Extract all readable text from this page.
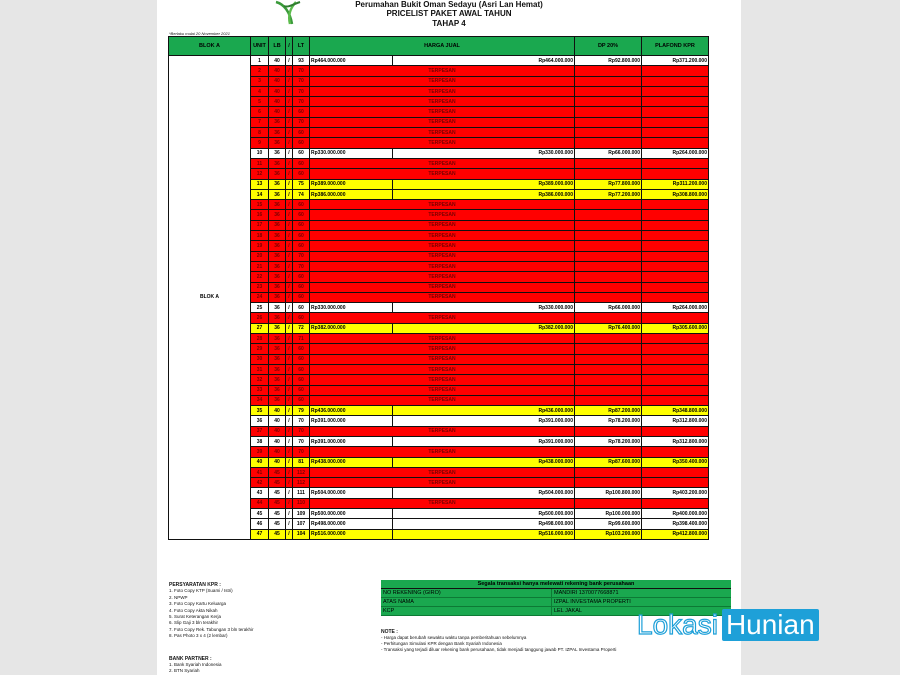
Perumahan Bukit Oman Sedayu (Asri Lan Hemat)
PRICELIST PAKET AWAL TAHUN
TAHAP 4
*Berlaku mulai 20 November 2021
BLOK A	UNIT	LB	/	LT	HARGA JUAL		DP 20%	PLAFOND KPR
BLOK A	1	40	/	93	Rp464.000.000	Rp464.000.000	Rp92.800.000	Rp371.200.000
	2	40	/	70	TERPESAN			
	3	40	/	70	TERPESAN			
	4	40	/	70	TERPESAN			
	5	40	/	70	TERPESAN			
	6	40	/	60	TERPESAN			
	7	36	/	70	TERPESAN			
	8	36	/	60	TERPESAN			
	9	36	/	60	TERPESAN			
	10	36	/	60	Rp330.000.000	Rp330.000.000	Rp66.000.000	Rp264.000.000
	11	36	/	60	TERPESAN			
	12	36	/	60	TERPESAN			
	13	36	/	75	Rp389.000.000	Rp389.000.000	Rp77.800.000	Rp311.200.000
	14	36	/	74	Rp386.000.000	Rp386.000.000	Rp77.200.000	Rp308.800.000
	15	36	/	60	TERPESAN			
	16	36	/	60	TERPESAN			
	17	36	/	60	TERPESAN			
	18	36	/	60	TERPESAN			
	19	36	/	60	TERPESAN			
	20	36	/	70	TERPESAN			
	21	36	/	70	TERPESAN			
	22	36	/	60	TERPESAN			
	23	36	/	60	TERPESAN			
	24	36	/	60	TERPESAN			
	25	36	/	60	Rp330.000.000	Rp330.000.000	Rp66.000.000	Rp264.000.000
	26	36	/	60	TERPESAN			
	27	36	/	72	Rp382.000.000	Rp382.000.000	Rp76.400.000	Rp305.600.000
	28	36	/	71	TERPESAN			
	29	36	/	60	TERPESAN			
	30	36	/	60	TERPESAN			
	31	36	/	60	TERPESAN			
	32	36	/	60	TERPESAN			
	33	36	/	60	TERPESAN			
	34	36	/	60	TERPESAN			
	35	40	/	79	Rp436.000.000	Rp436.000.000	Rp87.200.000	Rp348.800.000
	36	40	/	70	Rp391.000.000	Rp391.000.000	Rp78.200.000	Rp312.800.000
	37	40	/	70	TERPESAN			
	38	40	/	70	Rp391.000.000	Rp391.000.000	Rp78.200.000	Rp312.800.000
	39	40	/	70	TERPESAN			
	40	40	/	81	Rp438.000.000	Rp438.000.000	Rp87.600.000	Rp350.400.000
	41	45	/	112	TERPESAN			
	42	45	/	112	TERPESAN			
	43	45	/	111	Rp504.000.000	Rp504.000.000	Rp100.800.000	Rp403.200.000
	44	45	/	110	TERPESAN			
	45	45	/	109	Rp500.000.000	Rp500.000.000	Rp100.000.000	Rp400.000.000
	46	45	/	107	Rp498.000.000	Rp498.000.000	Rp99.600.000	Rp398.400.000
	47	45	/	104	Rp516.000.000	Rp516.000.000	Rp103.200.000	Rp412.800.000
PERSYARATAN KPR :
1. Foto Copy KTP (Suami / Istri)
2. NPWP
3. Foto Copy Kartu Keluarga
4. Foto Copy Akta Nikah
5. Surat Keterangan Kerja
6. Slip Gaji 3 bln terakhir
7. Foto Copy Rek. Tabungan 3 bln terakhir
8. Pas Photo 3 x 4 (2 lembar)
BANK PARTNER :
1. Bank Syariah Indonesia
2. BTN Syariah
Segala transaksi hanya melewati rekening bank perusahaan
NO REKENING (GIRO)	MANDIRI 1370077668871
ATAS NAMA	IZPAL INVESTAMA PROPERTI
KCP	LEL JAKAL
NOTE :
- Harga dapat berubah sewaktu waktu tanpa pemberitahuan sebelumnya
- Perhitungan Simulasi KPR dengan Bank Syariah Indonesia
- Transaksi yang terjadi diluar rekening bank perusahaan, tidak menjadi tanggung jawab PT. IZPAL Investama Properti
Lokasi Hunian
